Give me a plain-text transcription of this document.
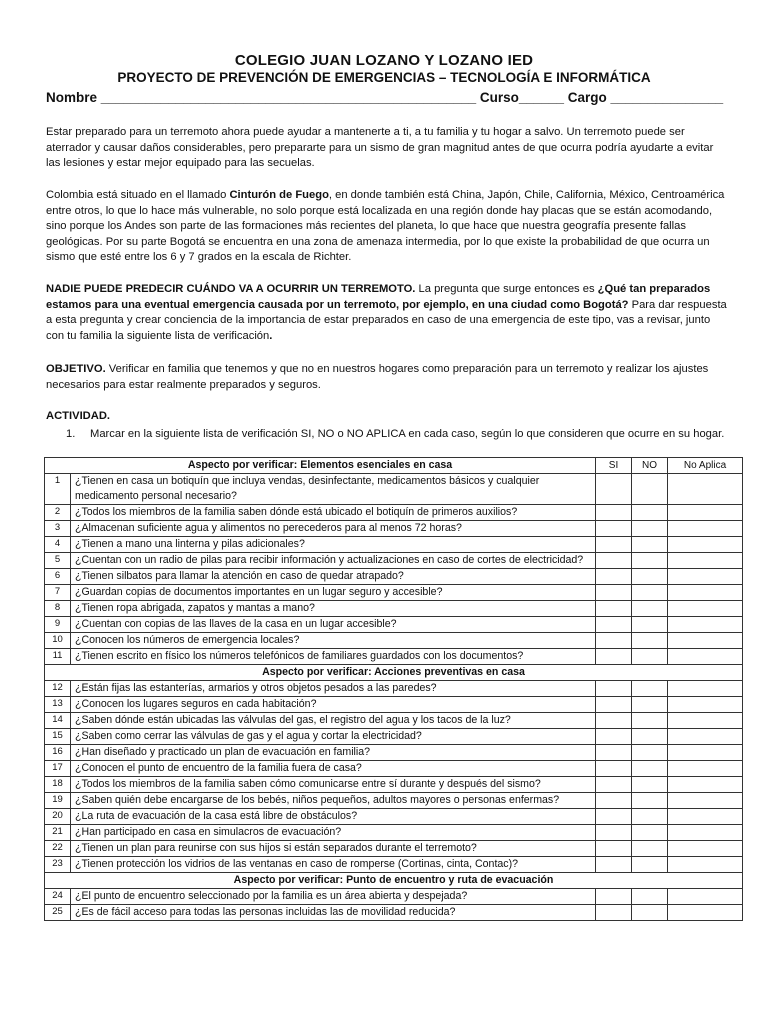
COLEGIO JUAN LOZANO Y LOZANO IED
PROYECTO DE PREVENCIÓN DE EMERGENCIAS – TECNOLOGÍA E INFORMÁTICA
Nombre __________________________________________________ Curso______ Cargo _______________
Estar preparado para un terremoto ahora puede ayudar a mantenerte a ti, a tu familia y tu hogar a salvo. Un terremoto puede ser aterrador y causar daños considerables, pero prepararte para un sismo de gran magnitud antes de que ocurra podría ayudarte a evitar las lesiones y estar mejor equipado para las secuelas.
Colombia está situado en el llamado Cinturón de Fuego, en donde también está China, Japón, Chile, California, México, Centroamérica entre otros, lo que lo hace más vulnerable, no solo porque está localizada en una región donde hay placas que se están acomodando, sino porque los Andes son parte de las formaciones más recientes del planeta, lo que hace que nuestra geografía presente fallas geológicas. Por su parte Bogotá se encuentra en una zona de amenaza intermedia, por lo que existe la probabilidad de que ocurra un sismo que esté entre los 6 y 7 grados en la escala de Richter.
NADIE PUEDE PREDECIR CUÁNDO VA A OCURRIR UN TERREMOTO. La pregunta que surge entonces es ¿Qué tan preparados estamos para una eventual emergencia causada por un terremoto, por ejemplo, en una ciudad como Bogotá? Para dar respuesta a esta pregunta y crear conciencia de la importancia de estar preparados en caso de una emergencia de este tipo, vas a revisar, junto con tu familia la siguiente lista de verificación.
OBJETIVO. Verificar en familia que tenemos y que no en nuestros hogares como preparación para un terremoto y realizar los ajustes necesarios para estar realmente preparados y seguros.
ACTIVIDAD.
1. Marcar en la siguiente lista de verificación SI, NO o NO APLICA en cada caso, según lo que consideren que ocurre en su hogar.
Aspecto por verificar: Elementos esenciales en casa		SI	NO	No Aplica
1	¿Tienen en casa un botiquín que incluya vendas, desinfectante, medicamentos básicos y cualquier medicamento personal necesario?			
2	¿Todos los miembros de la familia saben dónde está ubicado el botiquín de primeros auxilios?			
3	¿Almacenan suficiente agua y alimentos no perecederos para al menos 72 horas?			
4	¿Tienen a mano una linterna y pilas adicionales?			
5	¿Cuentan con un radio de pilas para recibir información y actualizaciones en caso de cortes de electricidad?			
6	¿Tienen silbatos para llamar la atención en caso de quedar atrapado?			
7	¿Guardan copias de documentos importantes en un lugar seguro y accesible?			
8	¿Tienen ropa abrigada, zapatos y mantas a mano?			
9	¿Cuentan con copias de las llaves de la casa en un lugar accesible?			
10	¿Conocen los números de emergencia locales?			
11	¿Tienen escrito en físico los números telefónicos de familiares guardados con los documentos?			
Aspecto por verificar: Acciones preventivas en casa				
12	¿Están fijas las estanterías, armarios y otros objetos pesados a las paredes?			
13	¿Conocen los lugares seguros en cada habitación?			
14	¿Saben dónde están ubicadas las válvulas del gas, el registro del agua y los tacos de la luz?			
15	¿Saben como cerrar las válvulas de gas y el agua y cortar la electricidad?			
16	¿Han diseñado y practicado un plan de evacuación en familia?			
17	¿Conocen el punto de encuentro de la familia fuera de casa?			
18	¿Todos los miembros de la familia saben cómo comunicarse entre sí durante y después del sismo?			
19	¿Saben quién debe encargarse de los bebés, niños pequeños, adultos mayores o personas enfermas?			
20	¿La ruta de evacuación de la casa está libre de obstáculos?			
21	¿Han participado en casa en simulacros de evacuación?			
22	¿Tienen un plan para reunirse con sus hijos si están separados durante el terremoto?			
23	¿Tienen protección los vidrios de las ventanas en caso de romperse (Cortinas, cinta, Contac)?			
Aspecto por verificar: Punto de encuentro y ruta de evacuación				
24	¿El punto de encuentro seleccionado por la familia es un área abierta y despejada?			
25	¿Es de fácil acceso para todas las personas incluidas las de movilidad reducida?			
